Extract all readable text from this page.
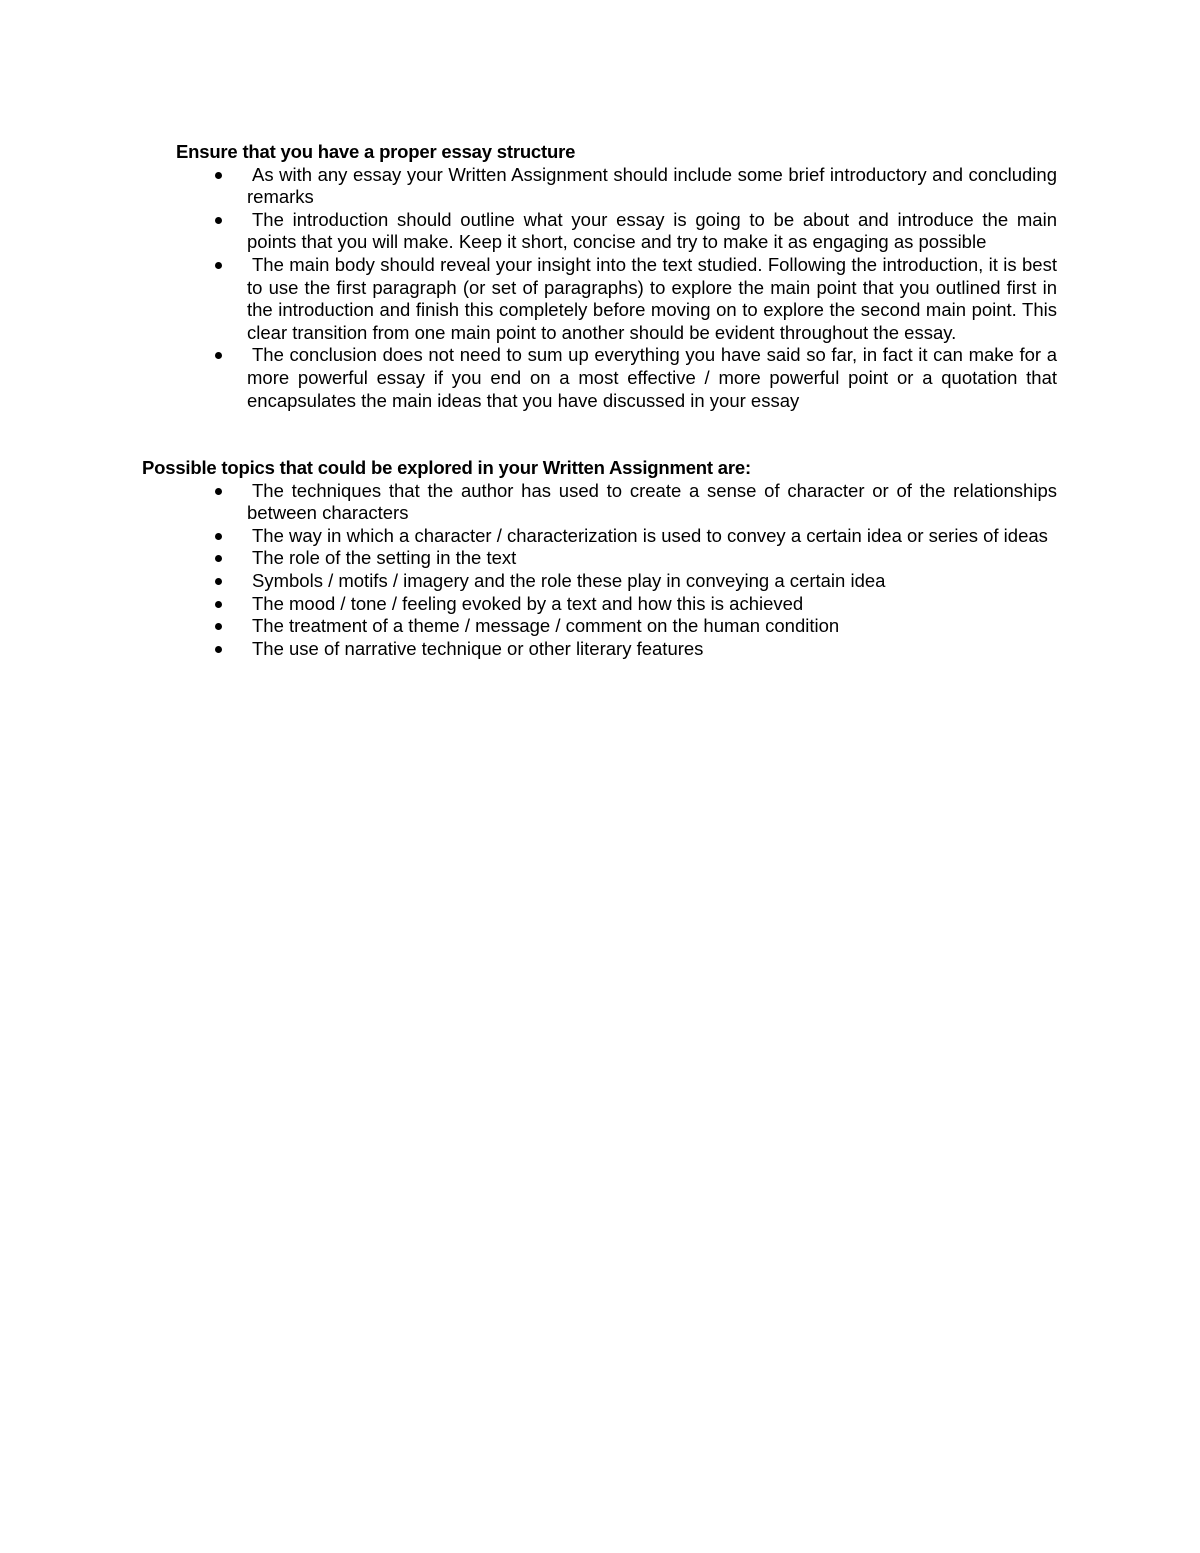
Ensure that you have a proper essay structure

As with any essay your Written Assignment should include some brief introductory and concluding remarks
The introduction should outline what your essay is going to be about and introduce the main points that you will make. Keep it short, concise and try to make it as engaging as possible
The main body should reveal your insight into the text studied. Following the introduction, it is best to use the first paragraph (or set of paragraphs) to explore the main point that you outlined first in the introduction and finish this completely before moving on to explore the second main point. This clear transition from one main point to another should be evident throughout the essay.
The conclusion does not need to sum up everything you have said so far, in fact it can make for a more powerful essay if you end on a most effective / more powerful point or a quotation that encapsulates the main ideas that you have discussed in your essay

Possible topics that could be explored in your Written Assignment are:

The techniques that the author has used to create a sense of character or of the relationships between characters
The way in which a character / characterization is used to convey a certain idea or series of ideas
The role of the setting in the text
Symbols / motifs / imagery and the role these play in conveying a certain idea
The mood / tone / feeling evoked by a text and how this is achieved
The treatment of a theme / message / comment on the human condition
The use of narrative technique or other literary features
